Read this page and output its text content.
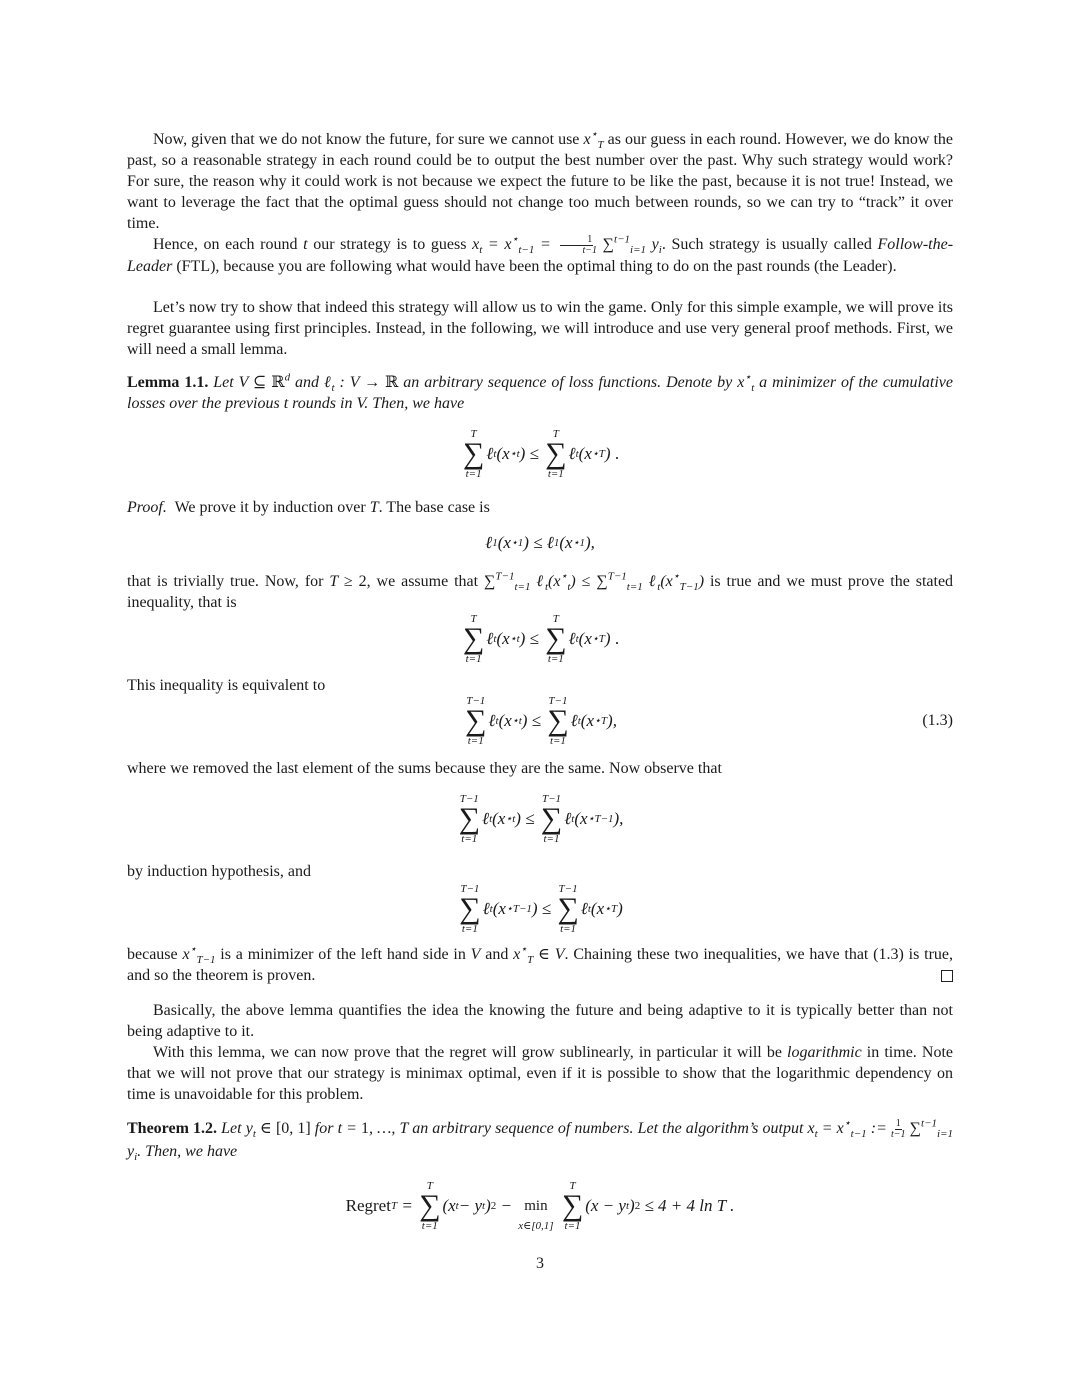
Now, given that we do not know the future, for sure we cannot use $x^⋆_T$ as our guess in each round. However, we do know the past, so a reasonable strategy in each round could be to output the best number over the past. Why such strategy would work? For sure, the reason why it could work is not because we expect the future to be like the past, because it is not true! Instead, we want to leverage the fact that the optimal guess should not change too much between rounds, so we can try to “track” it over time.
Hence, on each round t our strategy is to guess $x_t = x^⋆_{t-1} = \frac{1}{t-1} \sum^{t-1}_{i=1}$ $y_i$. Such strategy is usually called Follow-the-Leader (FTL), because you are following what would have been the optimal thing to do on the past rounds (the Leader).
Let’s now try to show that indeed this strategy will allow us to win the game. Only for this simple example, we will prove its regret guarantee using first principles. Instead, in the following, we will introduce and use very general proof methods. First, we will need a small lemma.
Lemma 1.1. Let V ⊆ ℝ$^d$ and ℓ$_t$ : V → ℝ an arbitrary sequence of loss functions. Denote by $x^⋆_t$ a minimizer of the cumulative losses over the previous t rounds in V. Then, we have
T
∑
t=1
ℓ t (x ⋆ t ) ≤
T
∑
t=1
ℓ t (x ⋆ T ) .
Proof. We prove it by induction over T. The base case is
ℓ 1 (x ⋆ 1 ) ≤ ℓ 1 (x ⋆ 1 ),
that is trivially true. Now, for T ≥ 2, we assume that ∑$^{T-1}_{t=1}$ $\ell_t(x^⋆_t) \le \sum^{T-1}_{t=1}$ $\ell_t(x^⋆_{T-1})$ is true and we must prove the stated inequality, that is
T
∑
t=1
ℓ t (x ⋆ t ) ≤
T
∑
t=1
ℓ t (x ⋆ T ) .
This inequality is equivalent to
T−1
∑
t=1
ℓ t (x ⋆ t ) ≤
T−1
∑
t=1
ℓ t (x ⋆ T ),	(1.3)
where we removed the last element of the sums because they are the same. Now observe that
T−1
∑
t=1
ℓ t (x ⋆ t ) ≤
T−1
∑
t=1
ℓ t (x ⋆ T−1 ),
by induction hypothesis, and
T−1
∑
t=1
ℓ t (x ⋆ T−1 ) ≤
T−1
∑
t=1
ℓ t (x ⋆ T )
because $x^⋆_{T-1}$ is a minimizer of the left hand side in V and $x^⋆_T$ ∈ V. Chaining these two inequalities, we have that (1.3) is true, and so the theorem is proven.
Basically, the above lemma quantifies the idea the knowing the future and being adaptive to it is typically better than not being adaptive to it.
With this lemma, we can now prove that the regret will grow sublinearly, in particular it will be logarithmic in time. Note that we will not prove that our strategy is minimax optimal, even if it is possible to show that the logarithmic dependency on time is unavoidable for this problem.
Theorem 1.2. Let $y_t$ ∈ [0, 1] for t = 1, …, T an arbitrary sequence of numbers. Let the algorithm’s output $x_t = x^⋆_{t-1}$ := $\frac{1}{t-1} \sum^{t-1}_{i=1}$ $y_i$. Then, we have
Regret T =
T
∑
t=1
(x t − y t ) 2 −
min
x∈[0,1]

T
∑
t=1
(x − y t ) 2
≤ 4 + 4 ln T .
3
